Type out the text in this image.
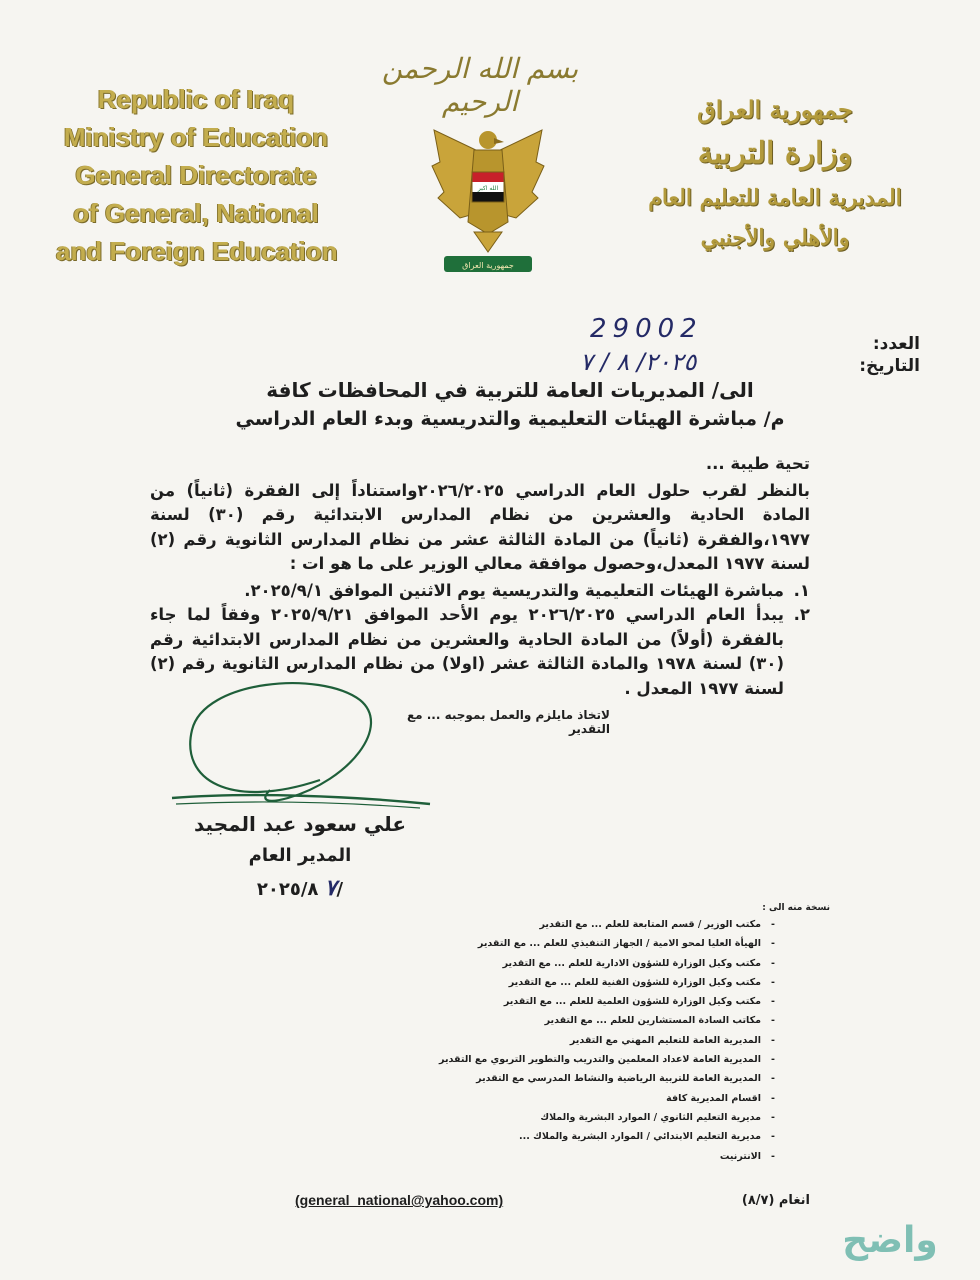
بسم الله الرحمن الرحيم
Republic of Iraq
Ministry of Education
General Directorate
of General, National
and Foreign Education
الله اكبر
جمهورية العراق
جمهورية العراق
وزارة التربية
المديرية العامة للتعليم العام
والأهلي والأجنبي
29002	العدد:
٢٠٢٥/ ٨ / ٧	التاريخ:
الى/ المديريات العامة للتربية في المحافظات كافة
م/ مباشرة الهيئات التعليمية والتدريسية وبدء العام الدراسي

تحية طيبة ...

بالنظر لقرب حلول العام الدراسي ٢٠٢٦/٢٠٢٥واستناداً إلى الفقرة (ثانياً) من المادة الحادية والعشرين من نظام المدارس الابتدائية رقم (٣٠) لسنة ١٩٧٧،والفقرة (ثانياً) من المادة الثالثة عشر من نظام المدارس الثانوية رقم (٢) لسنة ١٩٧٧ المعدل،وحصول موافقة معالي الوزير على ما هو ات :

١.
مباشرة الهيئات التعليمية والتدريسية يوم الاثنين الموافق ٢٠٢٥/٩/١.
٢.
يبدأ العام الدراسي ٢٠٢٦/٢٠٢٥ يوم الأحد الموافق ٢٠٢٥/٩/٢١ وفقاً لما جاء بالفقرة (أولاً) من المادة الحادية والعشرين من نظام المدارس الابتدائية رقم (٣٠) لسنة ١٩٧٨ والمادة الثالثة عشر (اولا) من نظام المدارس الثانوية رقم (٢) لسنة ١٩٧٧ المعدل .
لاتخاذ مايلزم والعمل بموجبه ... مع التقدير
علي سعود عبد المجيد
المدير العام
٧ ٢٠٢٥/٨/
نسخة منه الى :
-
مكتب الوزير / قسم المتابعة للعلم ... مع التقدير
-
الهيأة العليا لمحو الامية / الجهاز التنفيذي للعلم ... مع التقدير
-
مكتب وكيل الوزارة للشؤون الادارية للعلم ... مع التقدير
-
مكتب وكيل الوزارة للشؤون الفنية للعلم ... مع التقدير
-
مكتب وكيل الوزارة للشؤون العلمية للعلم ... مع التقدير
-
مكاتب السادة المستشارين للعلم ... مع التقدير
-
المديرية العامة للتعليم المهني مع التقدير
-
المديرية العامة لاعداد المعلمين والتدريب والتطوير التربوي مع التقدير
-
المديرية العامة للتربية الرياضية والنشاط المدرسي مع التقدير
-
اقسام المديرية كافة
-
مديرية التعليم الثانوي / الموارد البشرية والملاك
-
مديرية التعليم الابتدائي / الموارد البشرية والملاك ...
-
الانترنيت
(general_national@yahoo.com)	انغام (٨/٧)
واضح
